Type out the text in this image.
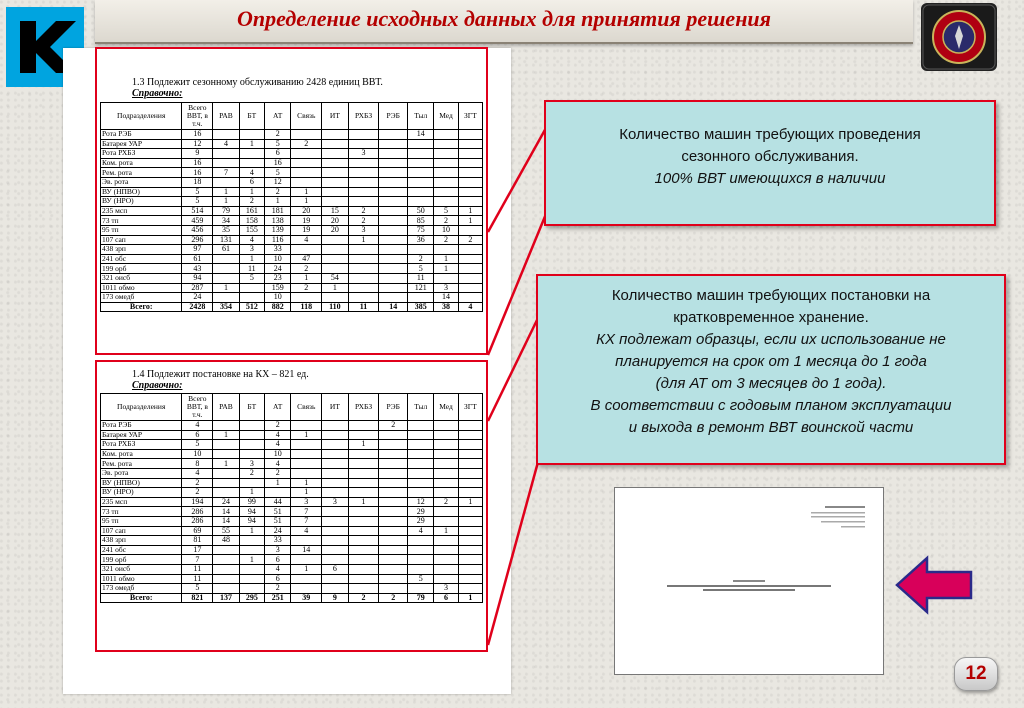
Определение исходных данных для принятия решения
1.3 Подлежит сезонному обслуживанию 2428 единиц ВВТ.
Справочно:
Подразделения	Всего ВВТ, в т.ч.	РАВ	БТ	АТ	Связь	ИТ	РХБЗ	РЭБ	Тыл	Мед	ЗГТ
Рота РЭБ	16			2					14		
Батарея УАР	12	4	1	5	2						
Рота РХБЗ	9			6			3				
Ком. рота	16			16							
Рем. рота	16	7	4	5							
Эв. рота	18		6	12							
ВУ (НПВО)	5	1	1	2	1						
ВУ (НРО)	5	1	2	1	1						
235 мсп	514	79	161	181	20	15	2		50	5	1
73 тп	459	34	158	138	19	20	2		85	2	1
95 тп	456	35	155	139	19	20	3		75	10	
107 сап	296	131	4	116	4		1		36	2	2
438 зрп	97	61	3	33							
241 обс	61		1	10	47				2	1	
199 орб	43		11	24	2				5	1	
321 оисб	94		5	23	1	54			11		
1011 обмо	287	1		159	2	1			121	3	
173 омедб	24			10						14	
Всего:	2428	354	512	882	118	110	11	14	385	38	4
1.4 Подлежит постановке на КХ – 821 ед.
Справочно:
Подразделения	Всего ВВТ, в т.ч.	РАВ	БТ	АТ	Связь	ИТ	РХБЗ	РЭБ	Тыл	Мед	ЗГТ
Рота РЭБ	4			2				2			
Батарея УАР	6	1		4	1						
Рота РХБЗ	5			4			1				
Ком. рота	10			10							
Рем. рота	8	1	3	4							
Эв. рота	4		2	2							
ВУ (НПВО)	2			1	1						
ВУ (НРО)	2		1		1						
235 мсп	194	24	99	44	3	3	1		12	2	1
73 тп	286	14	94	51	7				29		
95 тп	286	14	94	51	7				29		
107 сап	69	55	1	24	4				4	1	
438 зрп	81	48		33							
241 обс	17			3	14						
199 орб	7		1	6							
321 оисб	11			4	1	6					
1011 обмо	11			6					5		
173 омедб	5			2						3	
Всего:	821	137	295	251	39	9	2	2	79	6	1
Количество машин требующих проведения
сезонного обслуживания.
100% ВВТ имеющихся в наличии
Количество машин требующих постановки на
кратковременное хранение.
КХ подлежат образцы, если их использование не
планируется на срок от 1 месяца до 1 года
(для АТ от 3 месяцев до 1 года).
В соответствии с годовым планом эксплуатации
и выхода в ремонт ВВТ воинской части
12
